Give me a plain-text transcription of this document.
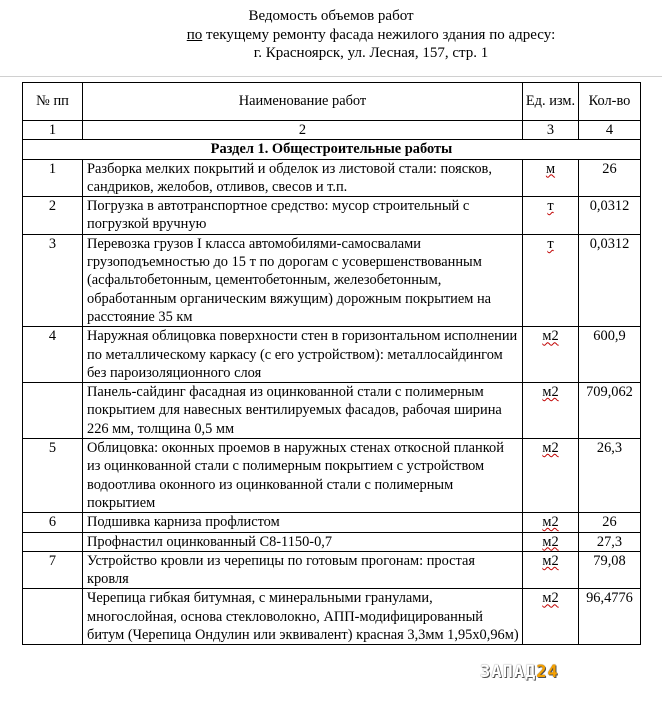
Ведомость объемов работ
по текущему ремонту фасада нежилого здания по адресу:
г. Красноярск, ул. Лесная, 157, стр. 1
№ пп	Наименование работ	Ед. изм.	Кол-во
1	2	3	4
Раздел 1. Общестроительные работы			
1	Разборка мелких покрытий и обделок из листовой стали: поясков, сандриков, желобов, отливов, свесов и т.п.	м	26
2	Погрузка в автотранспортное средство: мусор строительный с погрузкой вручную	т	0,0312
3	Перевозка грузов I класса автомобилями-самосвалами грузоподъемностью до 15 т по дорогам с усовершенствованным (асфальтобетонным, цементобетонным, железобетонным, обработанным органическим вяжущим) дорожным покрытием на расстояние 35 км	т	0,0312
4	Наружная облицовка поверхности стен в горизонтальном исполнении по металлическому каркасу (с его устройством): металлосайдингом без пароизоляционного слоя	м2	600,9
	Панель-сайдинг фасадная из оцинкованной стали с полимерным покрытием для навесных вентилируемых фасадов, рабочая ширина 226 мм, толщина 0,5 мм	м2	709,062
5	Облицовка: оконных проемов в наружных стенах откосной планкой из оцинкованной стали с полимерным покрытием с устройством водоотлива оконного из оцинкованной стали с полимерным покрытием	м2	26,3
6	Подшивка карниза профлистом	м2	26
	Профнастил оцинкованный С8-1150-0,7	м2	27,3
7	Устройство кровли из черепицы по готовым прогонам: простая кровля	м2	79,08
	Черепица гибкая битумная, с минеральными гранулами, многослойная, основа стекловолокно, АПП-модифицированный битум (Черепица Ондулин или эквивалент) красная 3,3мм 1,95х0,96м)	м2	96,4776
ЗАПАД24
